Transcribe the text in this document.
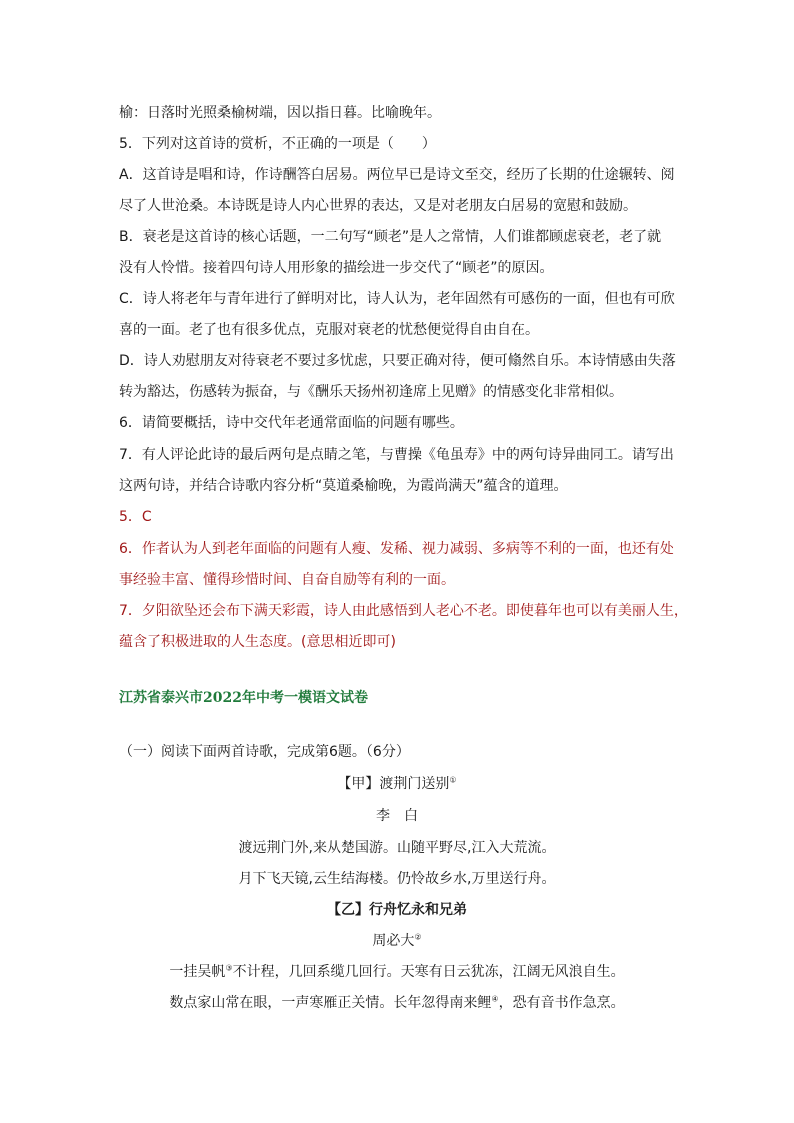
榆：日落时光照桑榆树端，因以指日暮。比喻晚年。
5．下列对这首诗的赏析，不正确的一项是（　　）
A．这首诗是唱和诗，作诗酬答白居易。两位早已是诗文至交，经历了长期的仕途辗转、阅
尽了人世沧桑。本诗既是诗人内心世界的表达，又是对老朋友白居易的宽慰和鼓励。
B．衰老是这首诗的核心话题，一二句写“顾老”是人之常情，人们谁都顾虑衰老，老了就
没有人怜惜。接着四句诗人用形象的描绘进一步交代了“顾老”的原因。
C．诗人将老年与青年进行了鲜明对比，诗人认为，老年固然有可感伤的一面，但也有可欣
喜的一面。老了也有很多优点，克服对衰老的忧愁便觉得自由自在。
D．诗人劝慰朋友对待衰老不要过多忧虑，只要正确对待，便可翛然自乐。本诗情感由失落
转为豁达，伤感转为振奋，与《酬乐天扬州初逢席上见赠》的情感变化非常相似。
6．请简要概括，诗中交代年老通常面临的问题有哪些。
7．有人评论此诗的最后两句是点睛之笔，与曹操《龟虽寿》中的两句诗异曲同工。请写出
这两句诗，并结合诗歌内容分析“莫道桑榆晚，为霞尚满天”蕴含的道理。
5．C
6．作者认为人到老年面临的问题有人瘦、发稀、视力减弱、多病等不利的一面，也还有处
事经验丰富、懂得珍惜时间、自奋自励等有利的一面。
7．夕阳欲坠还会布下满天彩霞，诗人由此感悟到人老心不老。即使暮年也可以有美丽人生，
蕴含了积极进取的人生态度。(意思相近即可)
江苏省泰兴市2022年中考一模语文试卷
（一）阅读下面两首诗歌，完成第6题。（6分）
【甲】渡荆门送别①
李　白
渡远荆门外,来从楚国游。山随平野尽,江入大荒流。
月下飞天镜,云生结海楼。仍怜故乡水,万里送行舟。
【乙】行舟忆永和兄弟
周必大②
一挂吴帆③不计程，几回系缆几回行。天寒有日云犹冻，江阔无风浪自生。
数点家山常在眼，一声寒雁正关情。长年忽得南来鲤④，恐有音书作急烹。
